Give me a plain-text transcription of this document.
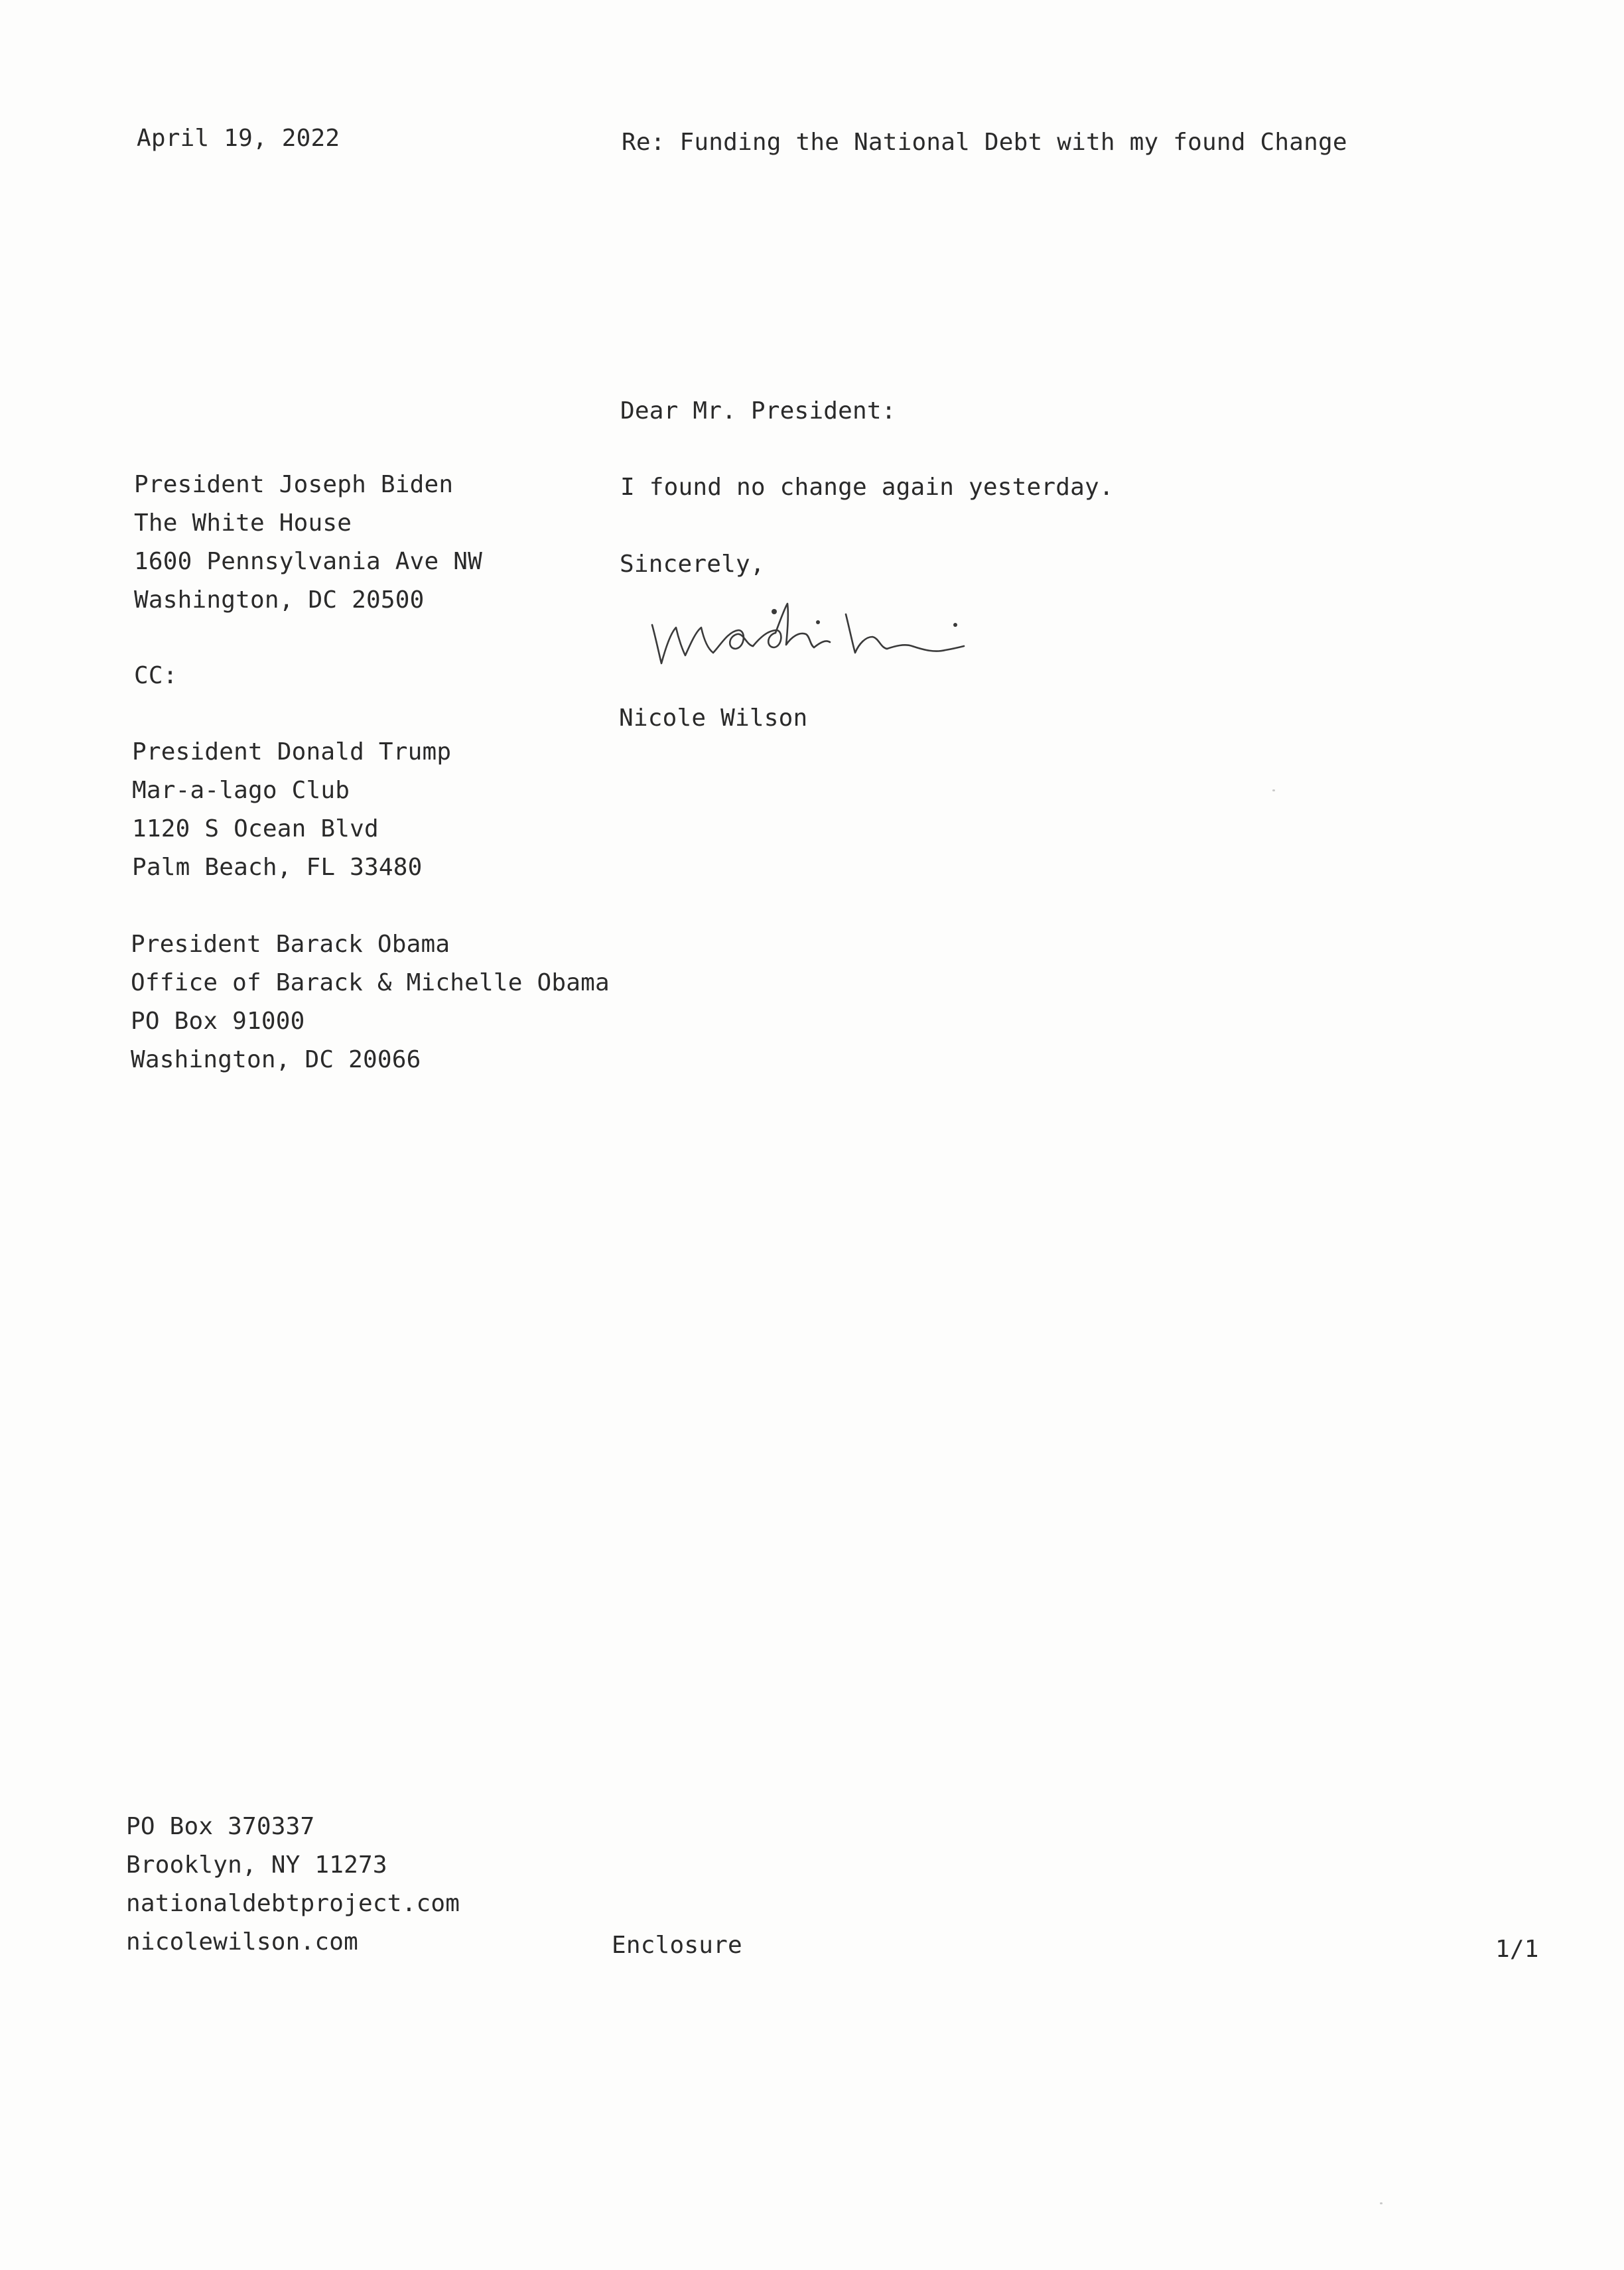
April 19, 2022	Re: Funding the National Debt with my found Change
Dear Mr. President:
I found no change again yesterday.
Sincerely,
Nicole Wilson
President Joseph Biden
The White House
1600 Pennsylvania Ave NW
Washington, DC 20500
CC:
President Donald Trump
Mar-a-lago Club
1120 S Ocean Blvd
Palm Beach, FL 33480
President Barack Obama
Office of Barack & Michelle Obama
PO Box 91000
Washington, DC 20066
PO Box 370337
Brooklyn, NY 11273
nationaldebtproject.com
nicolewilson.com	Enclosure	1/1
